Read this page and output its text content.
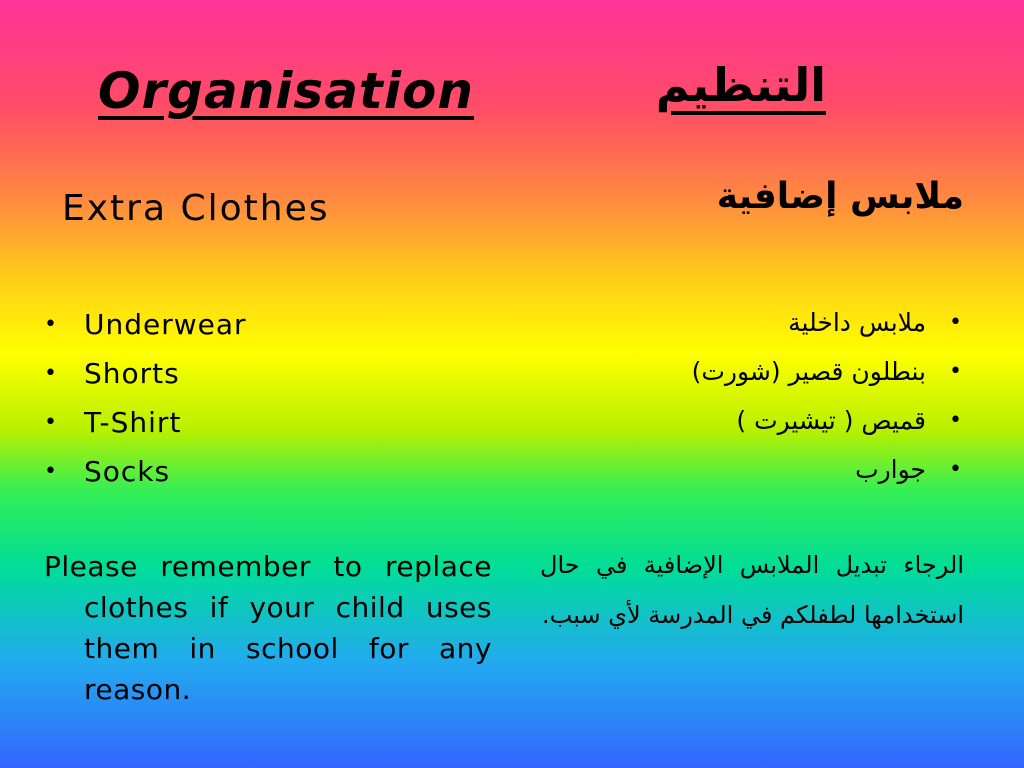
Organisation	التنظيم
Extra Clothes	ملابس إضافية
• Underwear
• Shorts
• T-Shirt
• Socks
•
ملابس داخلية
•
بنطلون قصير (شورت)
•
قميص ( تيشيرت )
•
جوارب
Please remember to replace clothes if your child uses them in school for any reason.
الرجاء تبديل الملابس الإضافية في حال استخدامها لطفلكم في المدرسة لأي سبب.
